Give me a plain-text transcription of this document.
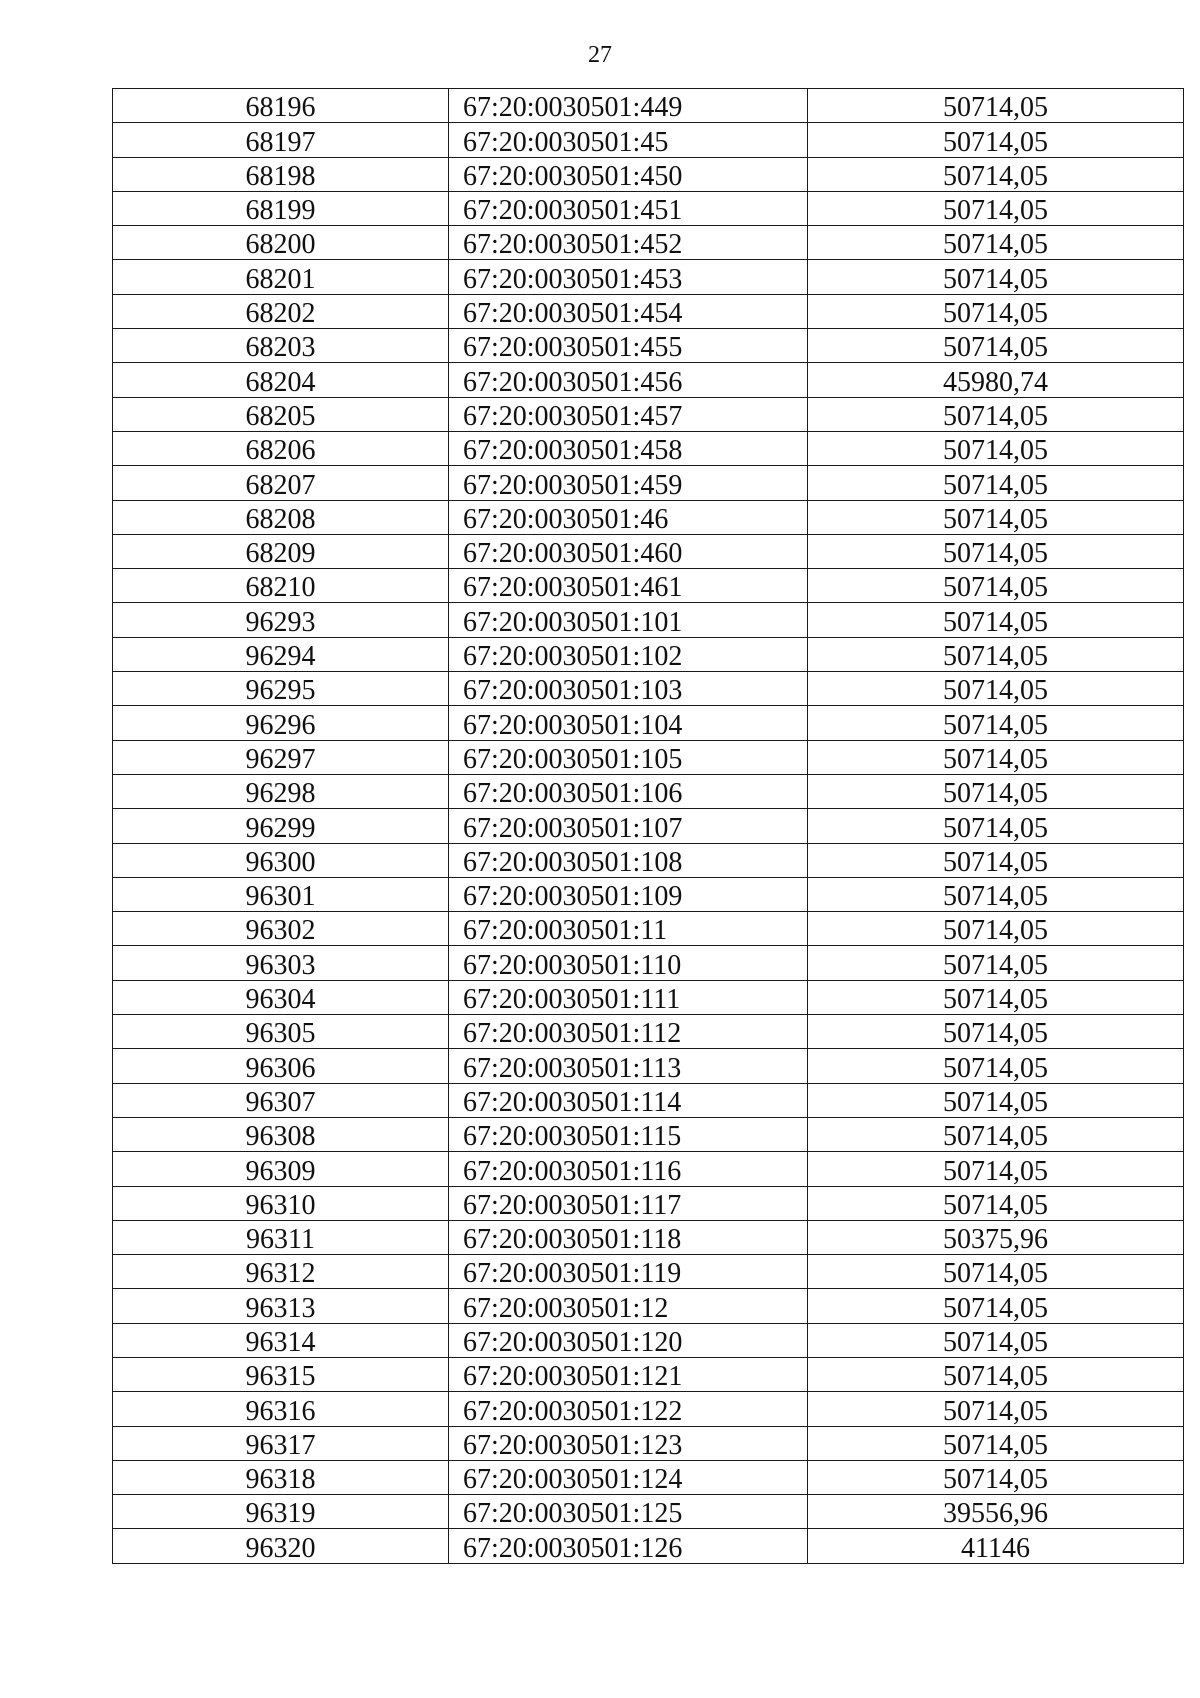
27
68196	67:20:0030501:449	50714,05
68197	67:20:0030501:45	50714,05
68198	67:20:0030501:450	50714,05
68199	67:20:0030501:451	50714,05
68200	67:20:0030501:452	50714,05
68201	67:20:0030501:453	50714,05
68202	67:20:0030501:454	50714,05
68203	67:20:0030501:455	50714,05
68204	67:20:0030501:456	45980,74
68205	67:20:0030501:457	50714,05
68206	67:20:0030501:458	50714,05
68207	67:20:0030501:459	50714,05
68208	67:20:0030501:46	50714,05
68209	67:20:0030501:460	50714,05
68210	67:20:0030501:461	50714,05
96293	67:20:0030501:101	50714,05
96294	67:20:0030501:102	50714,05
96295	67:20:0030501:103	50714,05
96296	67:20:0030501:104	50714,05
96297	67:20:0030501:105	50714,05
96298	67:20:0030501:106	50714,05
96299	67:20:0030501:107	50714,05
96300	67:20:0030501:108	50714,05
96301	67:20:0030501:109	50714,05
96302	67:20:0030501:11	50714,05
96303	67:20:0030501:110	50714,05
96304	67:20:0030501:111	50714,05
96305	67:20:0030501:112	50714,05
96306	67:20:0030501:113	50714,05
96307	67:20:0030501:114	50714,05
96308	67:20:0030501:115	50714,05
96309	67:20:0030501:116	50714,05
96310	67:20:0030501:117	50714,05
96311	67:20:0030501:118	50375,96
96312	67:20:0030501:119	50714,05
96313	67:20:0030501:12	50714,05
96314	67:20:0030501:120	50714,05
96315	67:20:0030501:121	50714,05
96316	67:20:0030501:122	50714,05
96317	67:20:0030501:123	50714,05
96318	67:20:0030501:124	50714,05
96319	67:20:0030501:125	39556,96
96320	67:20:0030501:126	41146
